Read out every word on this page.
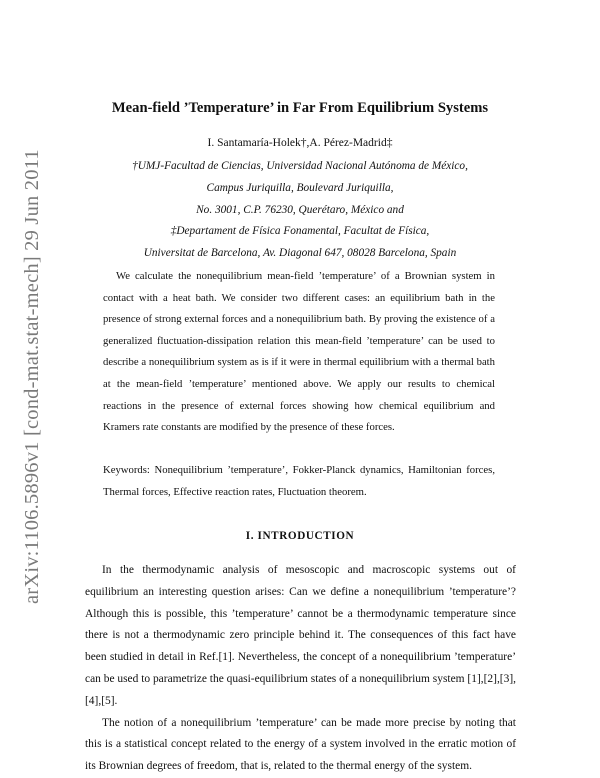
arXiv:1106.5896v1 [cond-mat.stat-mech] 29 Jun 2011
Mean-field ’Temperature’ in Far From Equilibrium Systems
I. Santamaría-Holek†,A. Pérez-Madrid‡
†UMJ-Facultad de Ciencias, Universidad Nacional Autónoma de México,
Campus Juriquilla, Boulevard Juriquilla,
No. 3001, C.P. 76230, Querétaro, México and
‡Departament de Física Fonamental, Facultat de Física,
Universitat de Barcelona, Av. Diagonal 647, 08028 Barcelona, Spain

We calculate the nonequilibrium mean-field ’temperature’ of a Brownian system in contact with a heat bath. We consider two different cases: an equilibrium bath in the presence of strong external forces and a nonequilibrium bath. By proving the existence of a generalized fluctuation-dissipation relation this mean-field ’temperature’ can be used to describe a nonequilibrium system as is if it were in thermal equilibrium with a thermal bath at the mean-field ’temperature’ mentioned above. We apply our results to chemical reactions in the presence of external forces showing how chemical equilibrium and Kramers rate constants are modified by the presence of these forces.

Keywords: Nonequilibrium ’temperature’, Fokker-Planck dynamics, Hamiltonian forces, Thermal forces, Effective reaction rates, Fluctuation theorem.
I. INTRODUCTION

In the thermodynamic analysis of mesoscopic and macroscopic systems out of equilibrium an interesting question arises: Can we define a nonequilibrium ’temperature’? Although this is possible, this ’temperature’ cannot be a thermodynamic temperature since there is not a thermodynamic zero principle behind it. The consequences of this fact have been studied in detail in Ref.[1]. Nevertheless, the concept of a nonequilibrium ’temperature’ can be used to parametrize the quasi-equilibrium states of a nonequilibrium system [1],[2],[3],[4],[5].

The notion of a nonequilibrium ’temperature’ can be made more precise by noting that this is a statistical concept related to the energy of a system involved in the erratic motion of its Brownian degrees of freedom, that is, related to the thermal energy of the system.
